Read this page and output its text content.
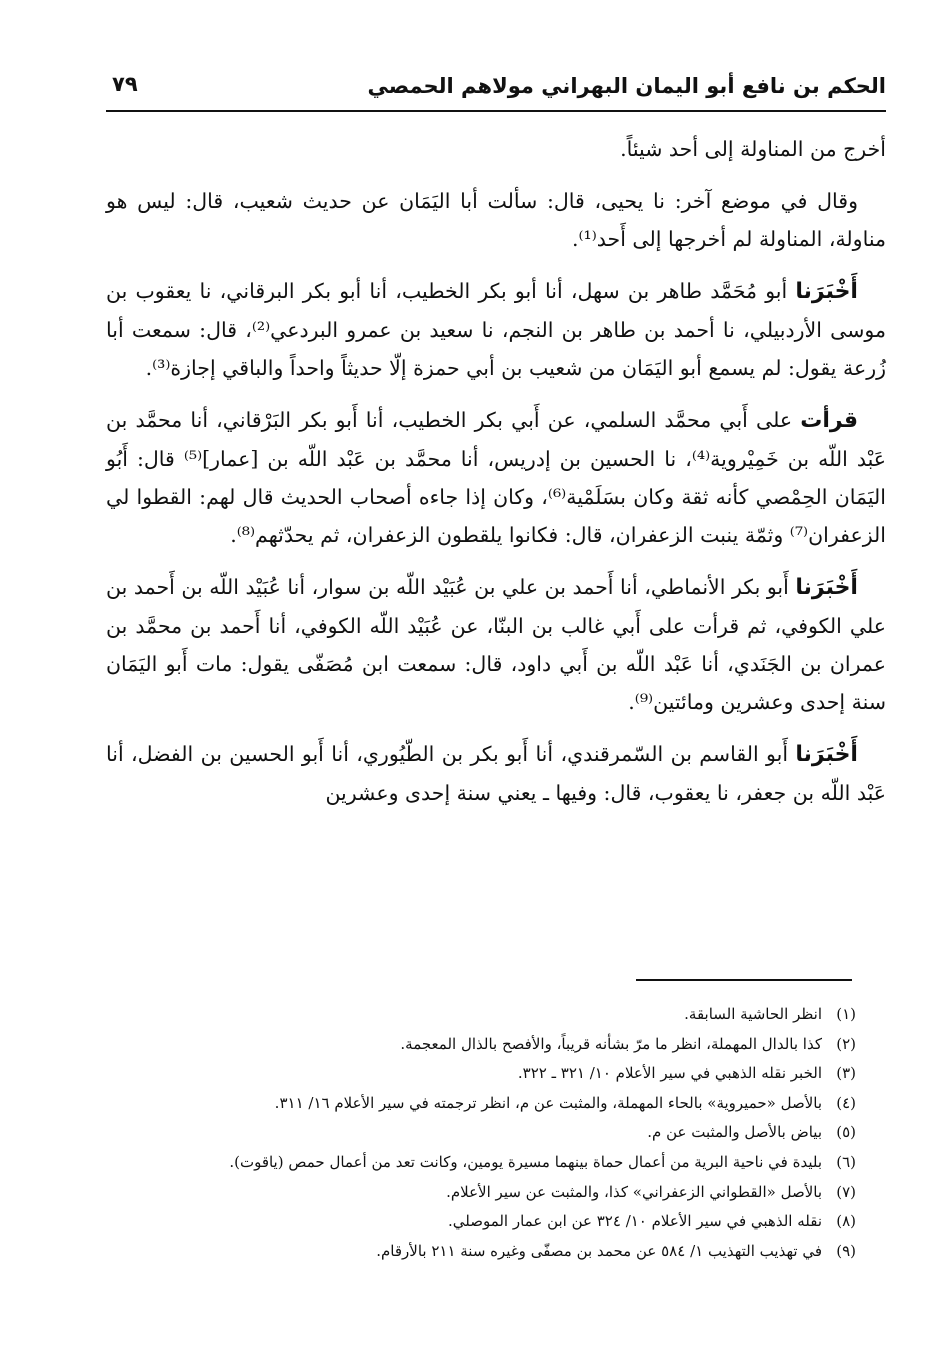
الحكم بن نافع أبو اليمان البهراني مولاهم الحمصي
٧٩

أخرج من المناولة إلى أحد شيئاً.

وقال في موضع آخر: نا يحيى، قال: سألت أبا اليَمَان عن حديث شعيب، قال: ليس هو مناولة، المناولة لم أخرجها إلى أَحد⁽¹⁾.

أَخْبَرَنا أبو مُحَمَّد طاهر بن سهل، أنا أبو بكر الخطيب، أنا أبو بكر البرقاني، نا يعقوب بن موسى الأردبيلي، نا أحمد بن طاهر بن النجم، نا سعيد بن عمرو البردعي⁽²⁾، قال: سمعت أبا زُرعة يقول: لم يسمع أبو اليَمَان من شعيب بن أبي حمزة إلّا حديثاً واحداً والباقي إجازة⁽³⁾.

قرأت على أَبي محمَّد السلمي، عن أَبي بكر الخطيب، أنا أَبو بكر البَرْقاني، أنا محمَّد بن عَبْد اللّه بن خَمِيْروية⁽⁴⁾، نا الحسين بن إدريس، أنا محمَّد بن عَبْد اللّه بن [عمار]⁽⁵⁾ قال: أَبُو اليَمَان الحِمْصي كأنه ثقة وكان بسَلَمْية⁽⁶⁾، وكان إذا جاءه أصحاب الحديث قال لهم: القطوا لي الزعفران⁽⁷⁾ وثمّة ينبت الزعفران، قال: فكانوا يلقطون الزعفران، ثم يحدّثهم⁽⁸⁾.

أَخْبَرَنا أَبو بكر الأنماطي، أنا أَحمد بن علي بن عُبَيْد اللّه بن سوار، أنا عُبَيْد اللّه بن أَحمد بن علي الكوفي، ثم قرأت على أَبي غالب بن البنّا، عن عُبَيْد اللّه الكوفي، أنا أَحمد بن محمَّد بن عمران بن الجَنَدي، أنا عَبْد اللّه بن أَبي داود، قال: سمعت ابن مُصَفّى يقول: مات أَبو اليَمَان سنة إحدى وعشرين ومائتين⁽⁹⁾.

أَخْبَرَنا أَبو القاسم بن السّمرقندي، أنا أَبو بكر بن الطّيُوري، أنا أَبو الحسين بن الفضل، أنا عَبْد اللّه بن جعفر، نا يعقوب، قال: وفيها ـ يعني سنة إحدى وعشرين

(١)
انظر الحاشية السابقة.
(٢)
كذا بالدال المهملة، انظر ما مرّ بشأنه قريباً، والأفصح بالذال المعجمة.
(٣)
الخبر نقله الذهبي في سير الأعلام ١٠/ ٣٢١ ـ ٣٢٢.
(٤)
بالأصل «حميروية» بالحاء المهملة، والمثبت عن م، انظر ترجمته في سير الأعلام ١٦/ ٣١١.
(٥)
بياض بالأصل والمثبت عن م.
(٦)
بليدة في ناحية البرية من أعمال حماة بينهما مسيرة يومين، وكانت تعد من أعمال حمص (ياقوت).
(٧)
بالأصل «القطواني الزعفراني» كذا، والمثبت عن سير الأعلام.
(٨)
نقله الذهبي في سير الأعلام ١٠/ ٣٢٤ عن ابن عمار الموصلي.
(٩)
في تهذيب التهذيب ١/ ٥٨٤ عن محمد بن مصفّى وغيره سنة ٢١١ بالأرقام.
